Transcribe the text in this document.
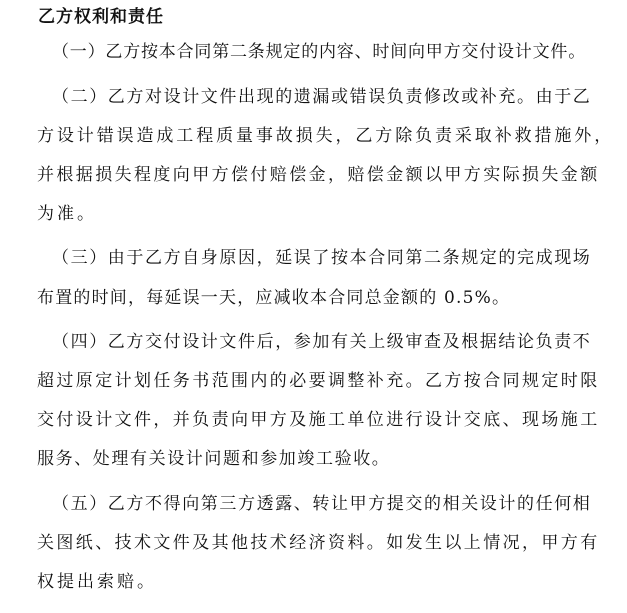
乙方权利和责任

（一）乙方按本合同第二条规定的内容、时间向甲方交付设计文件。

（二）乙方对设计文件出现的遗漏或错误负责修改或补充。由于乙

方设计错误造成工程质量事故损失，乙方除负责采取补救措施外，

并根据损失程度向甲方偿付赔偿金，赔偿金额以甲方实际损失金额

为准。

（三）由于乙方自身原因，延误了按本合同第二条规定的完成现场

布置的时间，每延误一天，应减收本合同总金额的 0.5%。

（四）乙方交付设计文件后，参加有关上级审查及根据结论负责不

超过原定计划任务书范围内的必要调整补充。乙方按合同规定时限

交付设计文件，并负责向甲方及施工单位进行设计交底、现场施工

服务、处理有关设计问题和参加竣工验收。

（五）乙方不得向第三方透露、转让甲方提交的相关设计的任何相

关图纸、技术文件及其他技术经济资料。如发生以上情况，甲方有

权提出索赔。
